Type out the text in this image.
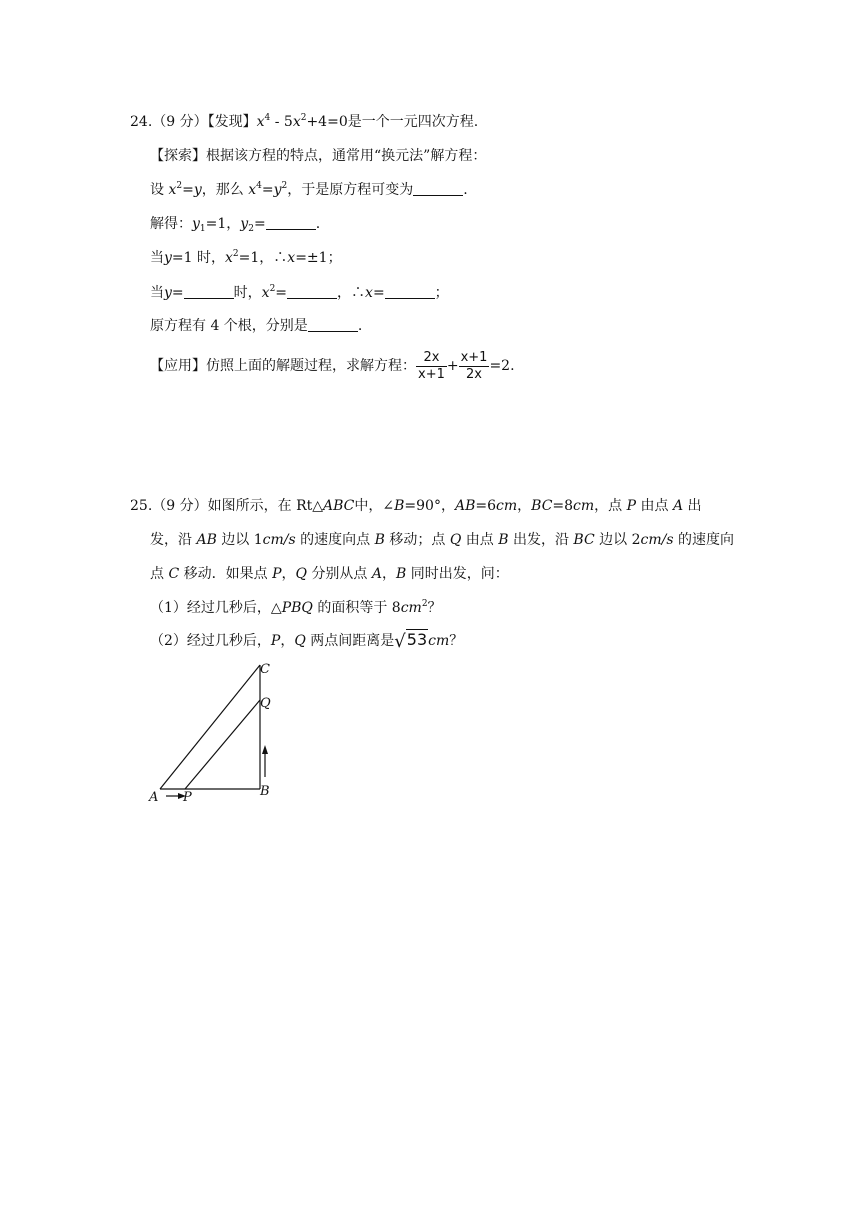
24.（9 分）【发现】$x^4 - 5x^2+4=0$是一个一元四次方程.
【探索】根据该方程的特点，通常用“换元法”解方程：
设 $x^2=y$，那么 $x^4=y^2$，于是原方程可变为	.
解得：$y_1=1$，$y_2=$	.
当y=1 时，$x^2=1$，∴x=±1；
当y=	时，$x^2=$	，∴x=	；
原方程有 4 个根，分别是	.
【应用】仿照上面的解题过程，求解方程： $\frac{2x}{x+1} + \frac{x+1}{2x} =2$.
25.（9 分）如图所示，在 Rt△ABC中，∠B=90°，AB=6cm，BC=8cm，点 P 由点 A 出
发，沿 AB 边以 1cm/s 的速度向点 B 移动；点 Q 由点 B 出发，沿 BC 边以 2cm/s 的速度向
点 C 移动．如果点 P，Q 分别从点 A，B 同时出发，问：
（1）经过几秒后，△PBQ 的面积等于 $8cm^2$？
（2）经过几秒后，P，Q 两点间距离是√53cm？
C
Q
A P	B
